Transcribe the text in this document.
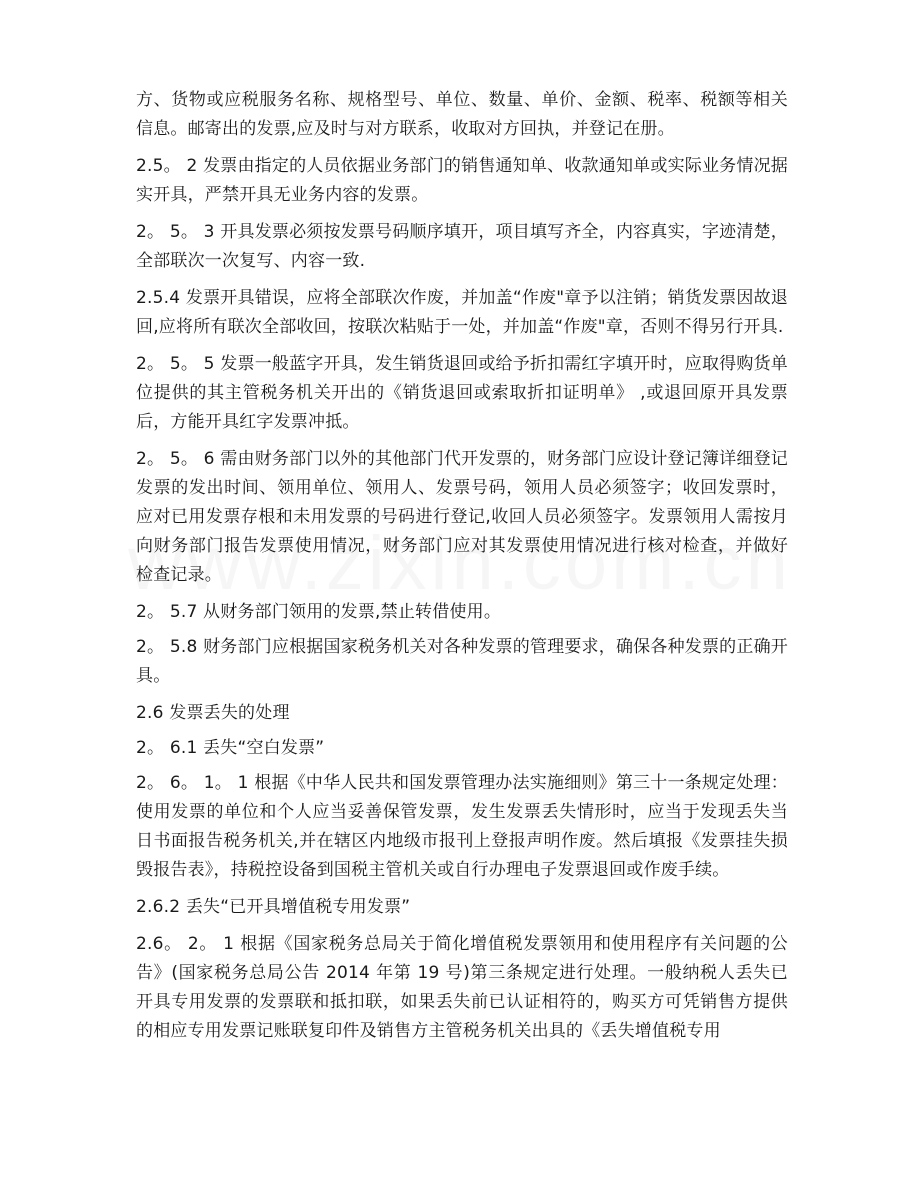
方、货物或应税服务名称、规格型号、单位、数量、单价、金额、税率、税额等相关信息。邮寄出的发票,应及时与对方联系，收取对方回执，并登记在册。

2.5。 2 发票由指定的人员依据业务部门的销售通知单、收款通知单或实际业务情况据实开具，严禁开具无业务内容的发票。

2。 5。 3 开具发票必须按发票号码顺序填开，项目填写齐全，内容真实，字迹清楚，全部联次一次复写、内容一致.

2.5.4 发票开具错误，应将全部联次作废，并加盖“作废"章予以注销；销货发票因故退回,应将所有联次全部收回，按联次粘贴于一处，并加盖“作废"章，否则不得另行开具.

2。 5。 5 发票一般蓝字开具，发生销货退回或给予折扣需红字填开时，应取得购货单位提供的其主管税务机关开出的《销货退回或索取折扣证明单》 ,或退回原开具发票后，方能开具红字发票冲抵。

2。 5。 6 需由财务部门以外的其他部门代开发票的，财务部门应设计登记簿详细登记发票的发出时间、领用单位、领用人、发票号码，领用人员必须签字；收回发票时，应对已用发票存根和未用发票的号码进行登记,收回人员必须签字。发票领用人需按月向财务部门报告发票使用情况，财务部门应对其发票使用情况进行核对检查，并做好检查记录。

2。 5.7 从财务部门领用的发票,禁止转借使用。

2。 5.8 财务部门应根据国家税务机关对各种发票的管理要求，确保各种发票的正确开具。

2.6 发票丢失的处理

2。 6.1 丢失“空白发票”

2。 6。 1。 1 根据《中华人民共和国发票管理办法实施细则》第三十一条规定处理：使用发票的单位和个人应当妥善保管发票，发生发票丢失情形时，应当于发现丢失当日书面报告税务机关,并在辖区内地级市报刊上登报声明作废。然后填报《发票挂失损毁报告表》，持税控设备到国税主管机关或自行办理电子发票退回或作废手续。

2.6.2 丢失“已开具增值税专用发票”

2.6。 2。 1 根据《国家税务总局关于简化增值税发票领用和使用程序有关问题的公告》(国家税务总局公告 2014 年第 19 号)第三条规定进行处理。一般纳税人丢失已开具专用发票的发票联和抵扣联，如果丢失前已认证相符的，购买方可凭销售方提供的相应专用发票记账联复印件及销售方主管税务机关出具的《丢失增值税专用
